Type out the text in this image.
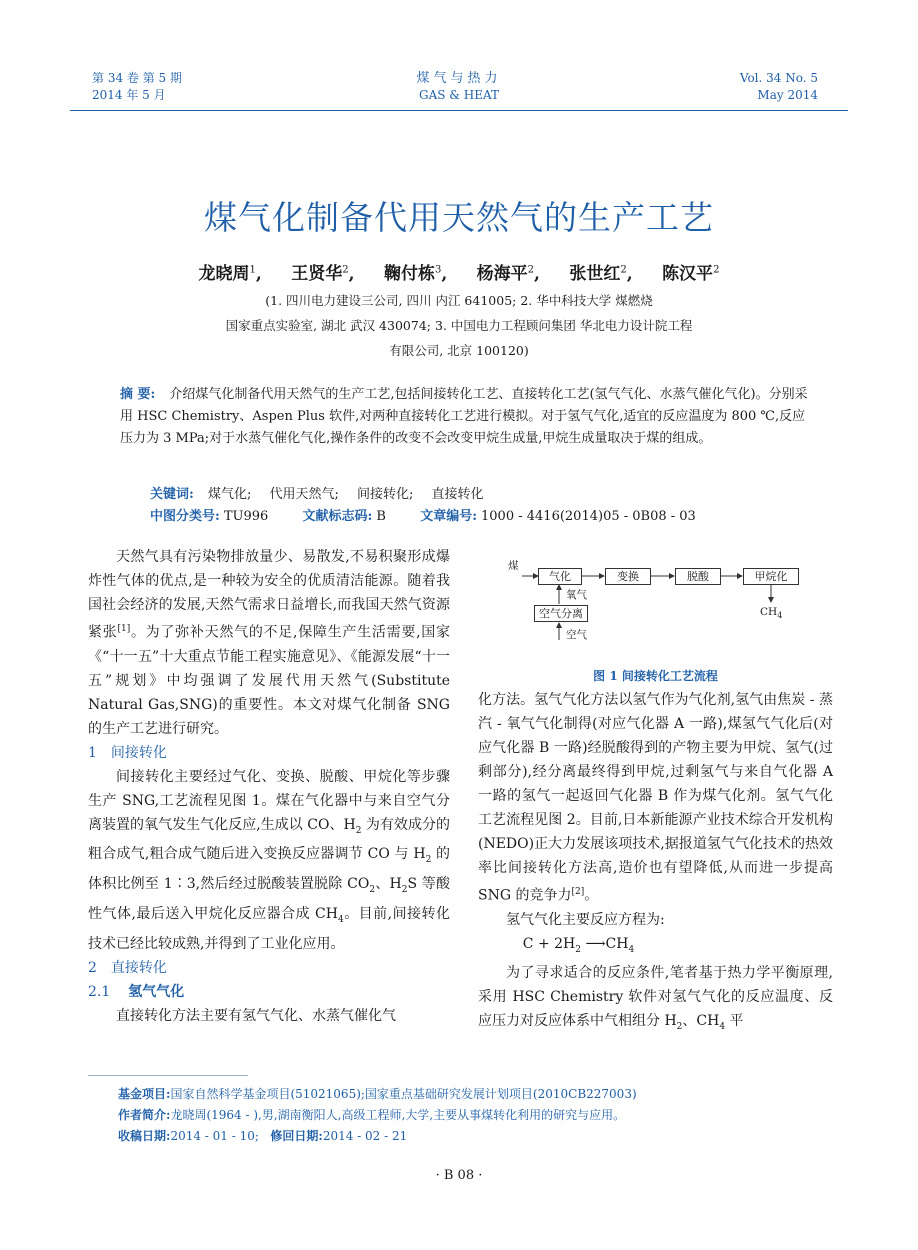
第 34 卷 第 5 期
2014 年 5 月
煤气与热力
GAS & HEAT
Vol. 34 No. 5
May 2014
煤气化制备代用天然气的生产工艺
龙晓周$^1$, 王贤华$^2$, 鞠付栋$^3$, 杨海平$^2$, 张世红$^2$, 陈汉平$^2$
(1. 四川电力建设三公司, 四川 内江 641005; 2. 华中科技大学 煤燃烧
国家重点实验室, 湖北 武汉 430074; 3. 中国电力工程顾问集团 华北电力设计院工程
有限公司, 北京 100120)
摘 要: 介绍煤气化制备代用天然气的生产工艺,包括间接转化工艺、直接转化工艺(氢气气化、水蒸气催化气化)。分别采用 HSC Chemistry、Aspen Plus 软件,对两种直接转化工艺进行模拟。对于氢气气化,适宜的反应温度为 800 ℃,反应压力为 3 MPa;对于水蒸气催化气化,操作条件的改变不会改变甲烷生成量,甲烷生成量取决于煤的组成。
关键词: 煤气化; 代用天然气; 间接转化; 直接转化
中图分类号: TU996	文献标志码: B	文章编号: 1000 - 4416(2014)05 - 0B08 - 03

天然气具有污染物排放量少、易散发,不易积聚形成爆炸性气体的优点,是一种较为安全的优质清洁能源。随着我国社会经济的发展,天然气需求日益增长,而我国天然气资源紧张[1]。为了弥补天然气的不足,保障生产生活需要,国家《“十一五”十大重点节能工程实施意见》、《能源发展“十一五”规划》中均强调了发展代用天然气(Substitute Natural Gas,SNG)的重要性。本文对煤气化制备 SNG 的生产工艺进行研究。

1 间接转化

间接转化主要经过气化、变换、脱酸、甲烷化等步骤生产 SNG,工艺流程见图 1。煤在气化器中与来自空气分离装置的氧气发生气化反应,生成以 CO、$H_2$ 为有效成分的粗合成气,粗合成气随后进入变换反应器调节 CO 与 $H_2$ 的体积比例至 1∶3,然后经过脱酸装置脱除 $CO_2$、$H_2S$ 等酸性气体,最后送入甲烷化反应器合成 $CH_4$。目前,间接转化技术已经比较成熟,并得到了工业化应用。

2 直接转化

2.1 氢气气化

直接转化方法主要有氢气气化、水蒸气催化气

煤
气化	变换	脱酸	甲烷化
氧气
空气分离
空气
$CH_4$
图 1 间接转化工艺流程

化方法。氢气气化方法以氢气作为气化剂,氢气由焦炭 - 蒸汽 - 氧气气化制得(对应气化器 A 一路),煤氢气气化后(对应气化器 B 一路)经脱酸得到的产物主要为甲烷、氢气(过剩部分),经分离最终得到甲烷,过剩氢气与来自气化器 A 一路的氢气一起返回气化器 B 作为煤气化剂。氢气气化工艺流程见图 2。目前,日本新能源产业技术综合开发机构(NEDO)正大力发展该项技术,据报道氢气气化技术的热效率比间接转化方法高,造价也有望降低,从而进一步提高 SNG 的竞争力[2]。

氢气气化主要反应方程为:

$C + 2H_2$ $⟶CH_4$

为了寻求适合的反应条件,笔者基于热力学平衡原理,采用 HSC Chemistry 软件对氢气气化的反应温度、反应压力对反应体系中气相组分 $H_2$、$CH_4$ 平

基金项目:国家自然科学基金项目(51021065);国家重点基础研究发展计划项目(2010CB227003)
作者简介:龙晓周(1964 - ),男,湖南衡阳人,高级工程师,大学,主要从事煤转化利用的研究与应用。
收稿日期:2014 - 01 - 10;   修回日期:2014 - 02 - 21
· B 08 ·
